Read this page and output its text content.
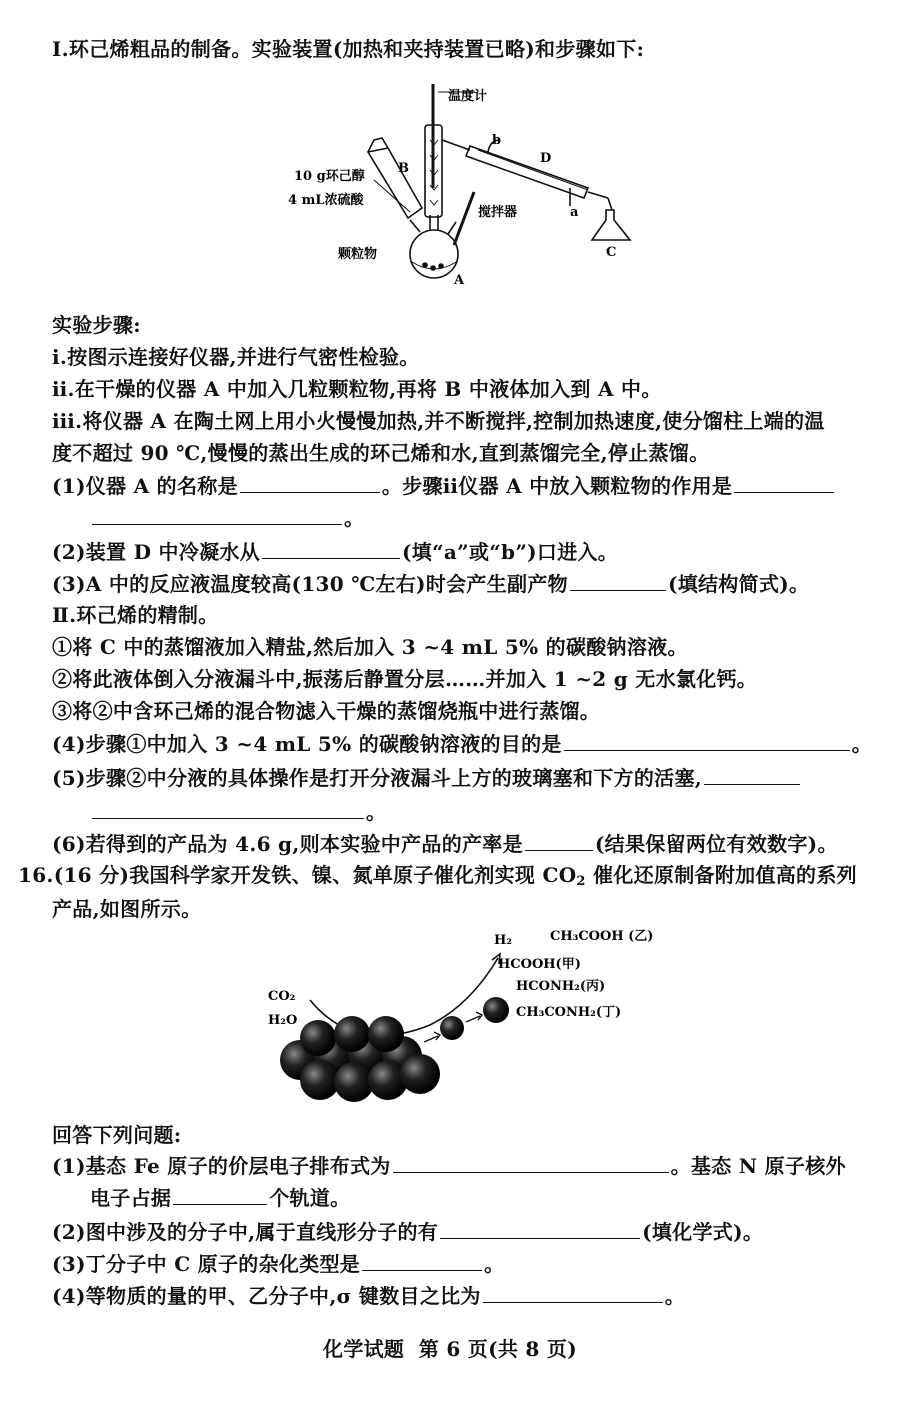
Ⅰ.环己烯粗品的制备。实验装置(加热和夹持装置已略)和步骤如下:
温度计
b
D
B
10 g环己醇
4 mL浓硫酸
搅拌器	a
C
颗粒物
A
实验步骤:
ⅰ.按图示连接好仪器,并进行气密性检验。
ⅱ.在干燥的仪器 A 中加入几粒颗粒物,再将 B 中液体加入到 A 中。
ⅲ.将仪器 A 在陶土网上用小火慢慢加热,并不断搅拌,控制加热速度,使分馏柱上端的温
度不超过 90 ℃,慢慢的蒸出生成的环己烯和水,直到蒸馏完全,停止蒸馏。
(1)仪器 A 的名称是	。步骤ⅱ仪器 A 中放入颗粒物的作用是
。
(2)装置 D 中冷凝水从	(填“a”或“b”)口进入。
(3)A 中的反应液温度较高(130 ℃左右)时会产生副产物	(填结构简式)。
Ⅱ.环己烯的精制。
①将 C 中的蒸馏液加入精盐,然后加入 3 ~4 mL 5% 的碳酸钠溶液。
②将此液体倒入分液漏斗中,振荡后静置分层……并加入 1 ~2 g 无水氯化钙。
③将②中含环己烯的混合物滤入干燥的蒸馏烧瓶中进行蒸馏。
(4)步骤①中加入 3 ~4 mL 5% 的碳酸钠溶液的目的是	。
(5)步骤②中分液的具体操作是打开分液漏斗上方的玻璃塞和下方的活塞,
。
(6)若得到的产品为 4.6 g,则本实验中产品的产率是	(结果保留两位有效数字)。
16.(16 分)我国科学家开发铁、镍、氮单原子催化剂实现 $CO_2$ 催化还原制备附加值高的系列
产品,如图所示。
H₂	CH₃COOH (乙)
HCOOH(甲)
HCONH₂(丙)
CH₃CONH₂(丁)
CO₂
H₂O
回答下列问题:
(1)基态 Fe 原子的价层电子排布式为	。基态 N 原子核外
电子占据	个轨道。
(2)图中涉及的分子中,属于直线形分子的有	(填化学式)。
(3)丁分子中 C 原子的杂化类型是	。
(4)等物质的量的甲、乙分子中,σ 键数目之比为	。
化学试题  第 6 页(共 8 页)
